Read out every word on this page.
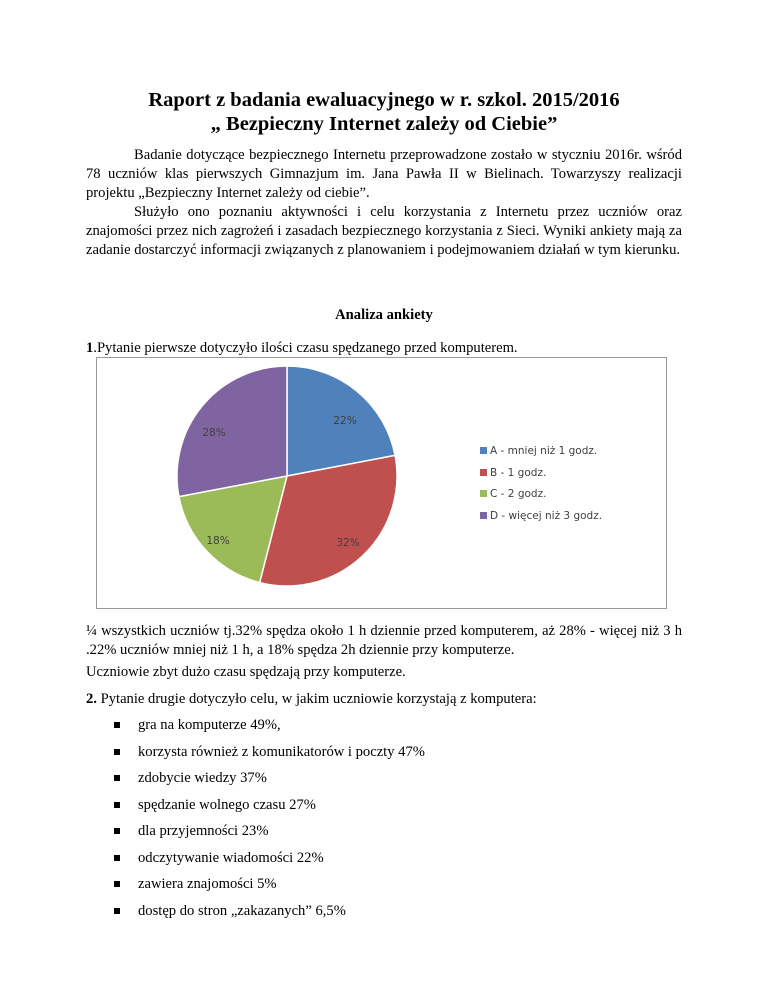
Raport z badania ewaluacyjnego w r. szkol. 2015/2016
„ Bezpieczny Internet zależy od Ciebie”

Badanie dotyczące bezpiecznego Internetu przeprowadzone zostało w styczniu 2016r. wśród 78 uczniów klas pierwszych Gimnazjum im. Jana Pawła II w Bielinach. Towarzyszy realizacji projektu „Bezpieczny Internet zależy od ciebie”.

Służyło ono poznaniu aktywności i celu korzystania z Internetu przez uczniów oraz znajomości przez nich zagrożeń i zasadach bezpiecznego korzystania z Sieci. Wyniki ankiety mają za zadanie dostarczyć informacji związanych z planowaniem i podejmowaniem działań w tym kierunku.

Analiza ankiety
1.Pytanie pierwsze dotyczyło ilości czasu spędzanego przed komputerem.
22%
32%
18%
28%
A - mniej niż 1 godz.
B - 1 godz.
C - 2 godz.
D - więcej niż 3 godz.
¼ wszystkich uczniów tj.32% spędza około 1 h dziennie przed komputerem, aż 28% - więcej niż 3 h .22% uczniów mniej niż 1 h, a 18% spędza 2h dziennie przy komputerze.
Uczniowie zbyt dużo czasu spędzają przy komputerze.
2. Pytanie drugie dotyczyło celu, w jakim uczniowie korzystają z komputera:
gra na komputerze 49%,
korzysta również z komunikatorów i poczty 47%
zdobycie wiedzy 37%
spędzanie wolnego czasu 27%
dla przyjemności 23%
odczytywanie wiadomości 22%
zawiera znajomości 5%
dostęp do stron „zakazanych” 6,5%
